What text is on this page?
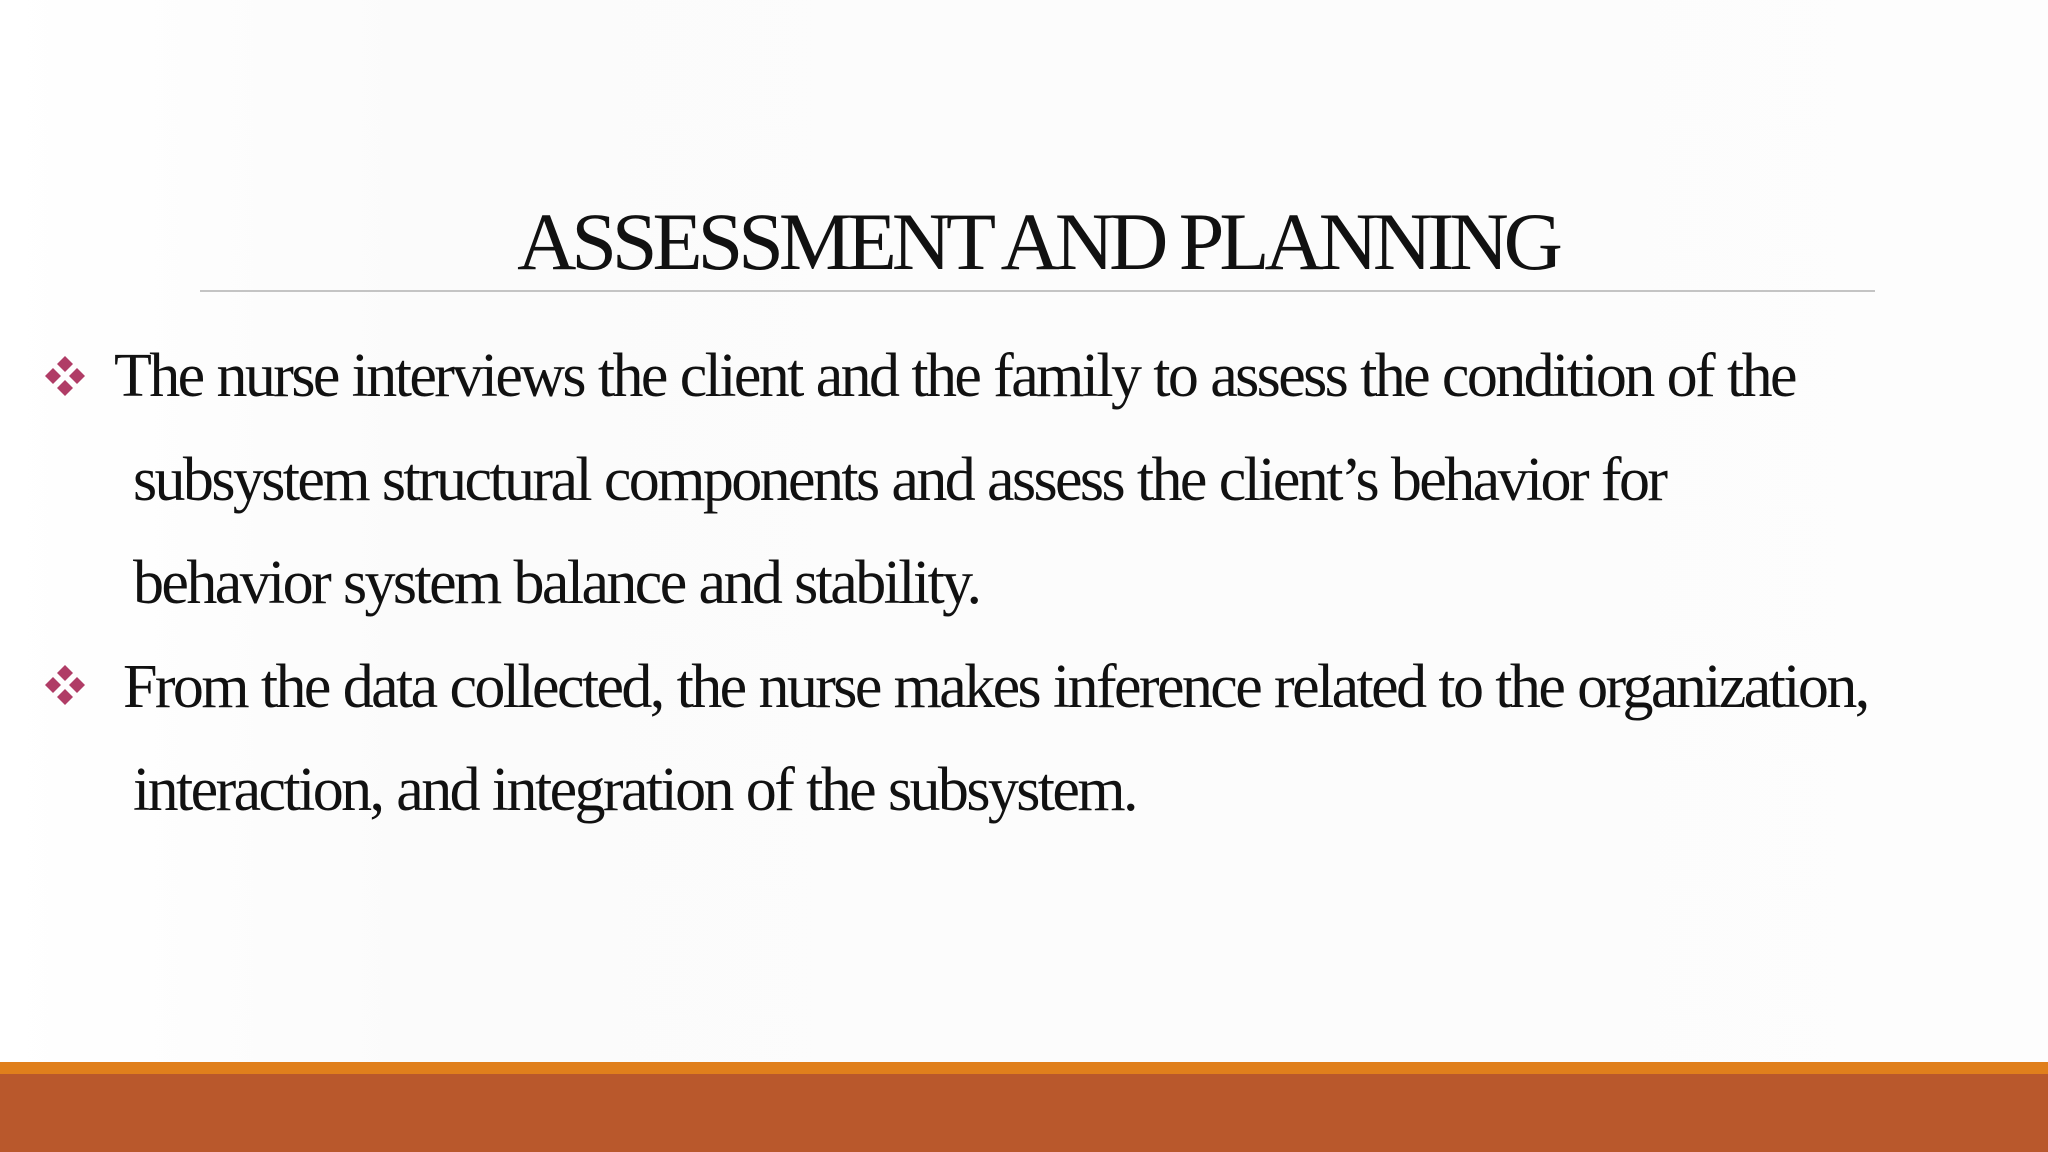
ASSESSMENT AND PLANNING
The nurse interviews the client and the family to assess the condition of the
subsystem structural components and assess the client’s behavior for
behavior system balance and stability.
From the data collected, the nurse makes inference related to the organization,
interaction, and integration of the subsystem.
